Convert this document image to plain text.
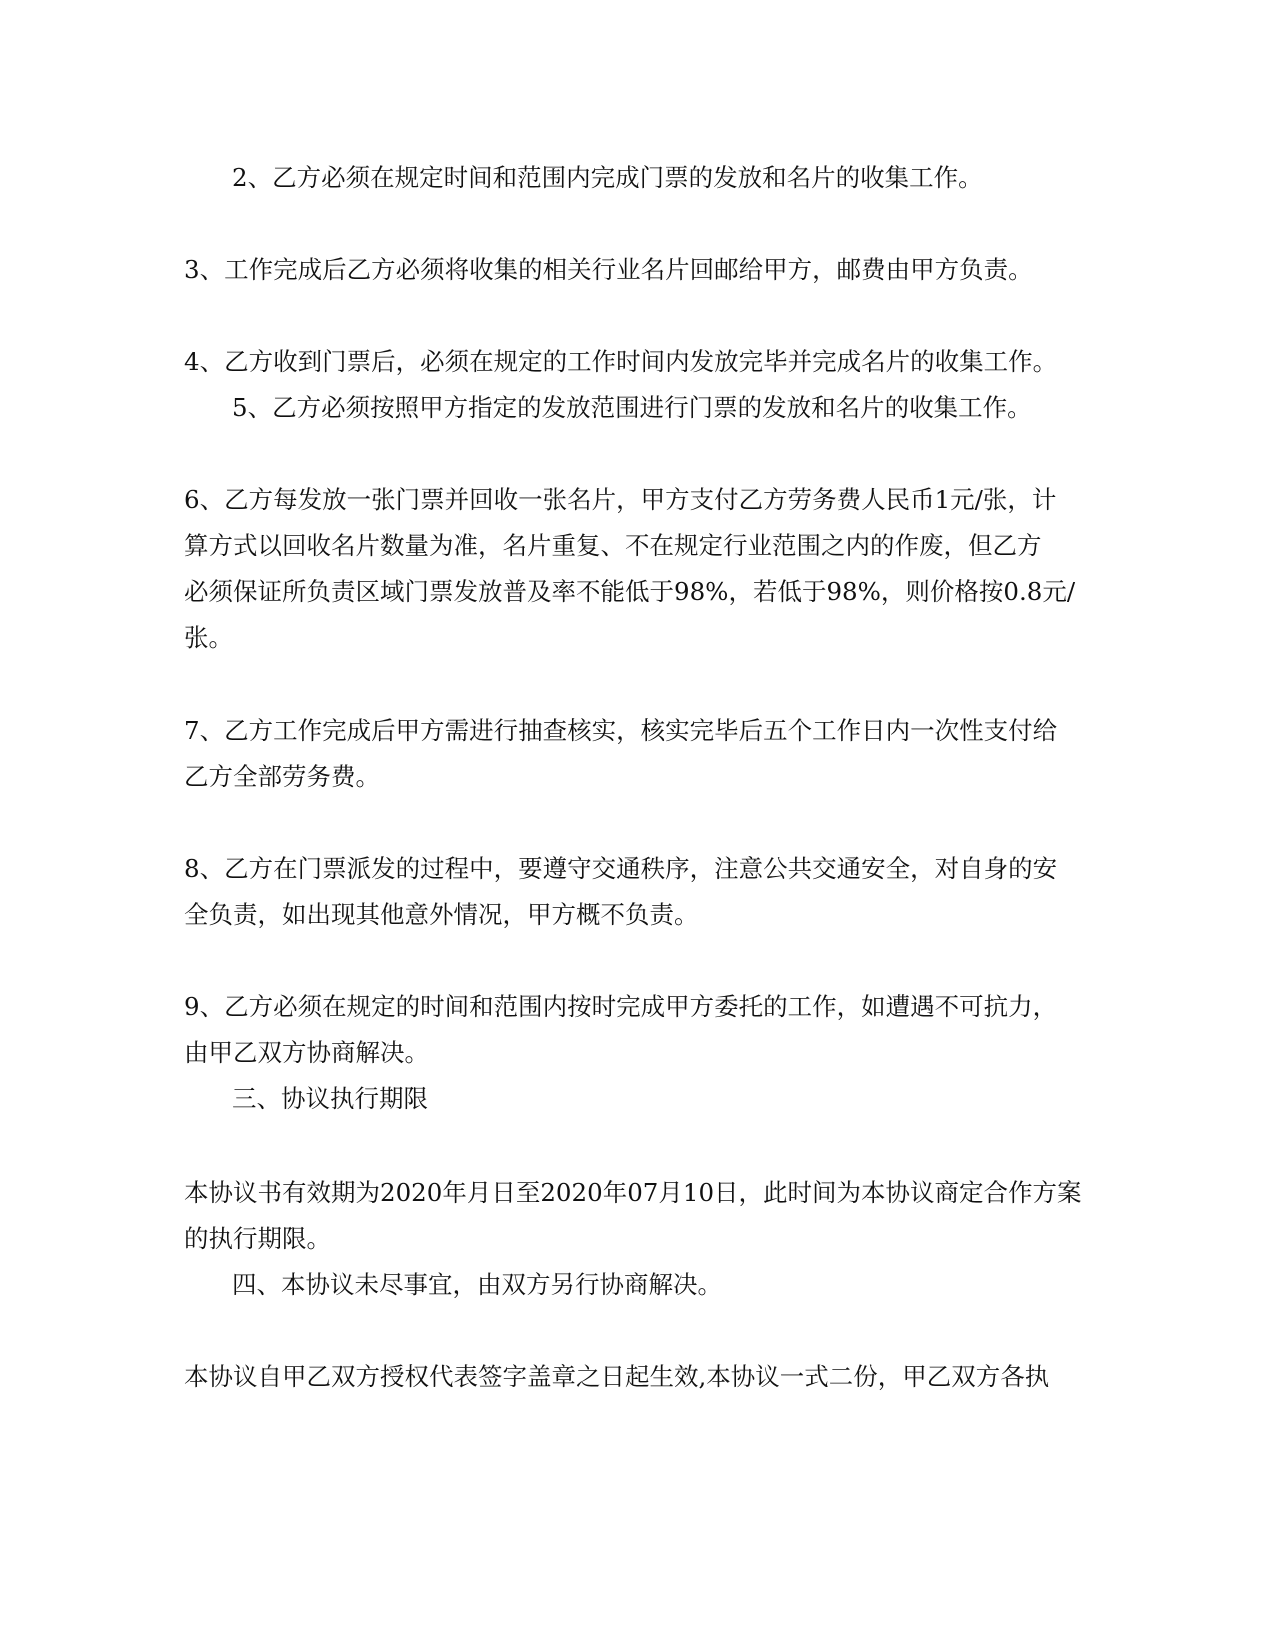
2、乙方必须在规定时间和范围内完成门票的发放和名片的收集工作。

3、工作完成后乙方必须将收集的相关行业名片回邮给甲方，邮费由甲方负责。

4、乙方收到门票后，必须在规定的工作时间内发放完毕并完成名片的收集工作。

5、乙方必须按照甲方指定的发放范围进行门票的发放和名片的收集工作。

6、乙方每发放一张门票并回收一张名片，甲方支付乙方劳务费人民币1元/张，计

算方式以回收名片数量为准，名片重复、不在规定行业范围之内的作废，但乙方

必须保证所负责区域门票发放普及率不能低于98%，若低于98%，则价格按0.8元/

张。

7、乙方工作完成后甲方需进行抽查核实，核实完毕后五个工作日内一次性支付给

乙方全部劳务费。

8、乙方在门票派发的过程中，要遵守交通秩序，注意公共交通安全，对自身的安

全负责，如出现其他意外情况，甲方概不负责。

9、乙方必须在规定的时间和范围内按时完成甲方委托的工作，如遭遇不可抗力，

由甲乙双方协商解决。

三、协议执行期限

本协议书有效期为2020年月日至2020年07月10日，此时间为本协议商定合作方案

的执行期限。

四、本协议未尽事宜，由双方另行协商解决。

本协议自甲乙双方授权代表签字盖章之日起生效,本协议一式二份，甲乙双方各执
